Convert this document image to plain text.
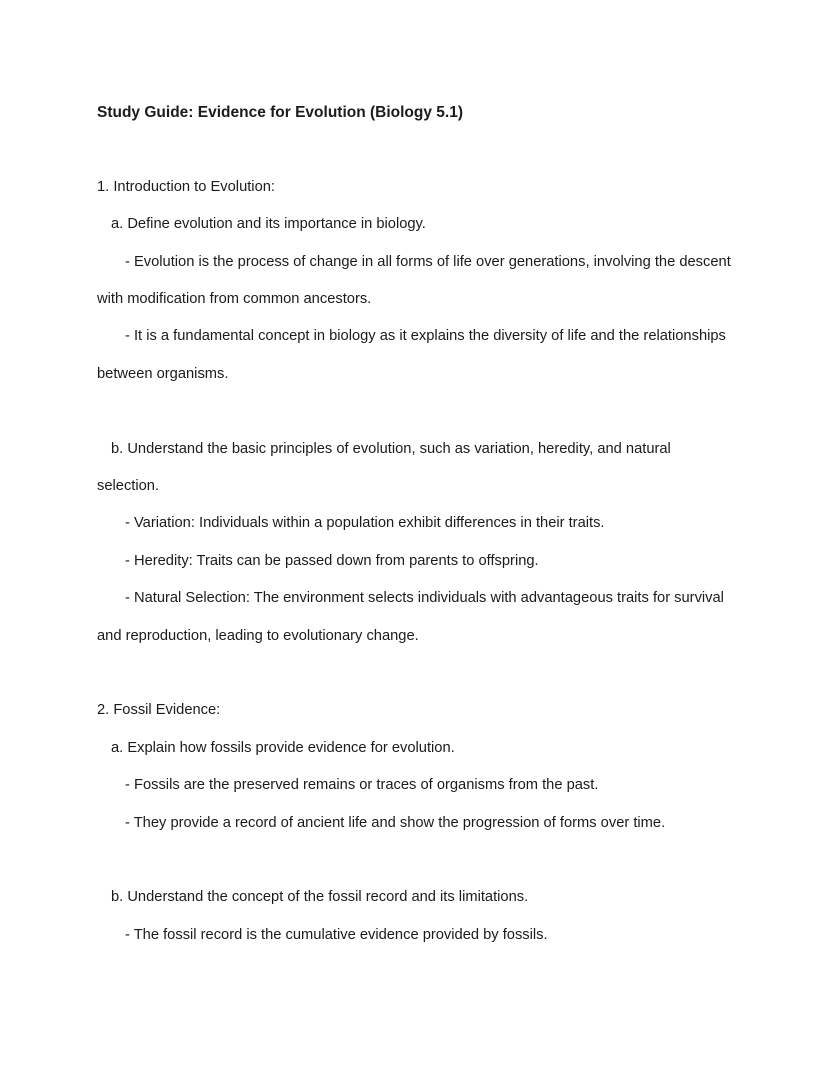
Study Guide: Evidence for Evolution (Biology 5.1)
1. Introduction to Evolution:
a. Define evolution and its importance in biology.
- Evolution is the process of change in all forms of life over generations, involving the descent with modification from common ancestors.
- It is a fundamental concept in biology as it explains the diversity of life and the relationships between organisms.
b. Understand the basic principles of evolution, such as variation, heredity, and natural selection.
- Variation: Individuals within a population exhibit differences in their traits.
- Heredity: Traits can be passed down from parents to offspring.
- Natural Selection: The environment selects individuals with advantageous traits for survival and reproduction, leading to evolutionary change.
2. Fossil Evidence:
a. Explain how fossils provide evidence for evolution.
- Fossils are the preserved remains or traces of organisms from the past.
- They provide a record of ancient life and show the progression of forms over time.
b. Understand the concept of the fossil record and its limitations.
- The fossil record is the cumulative evidence provided by fossils.
